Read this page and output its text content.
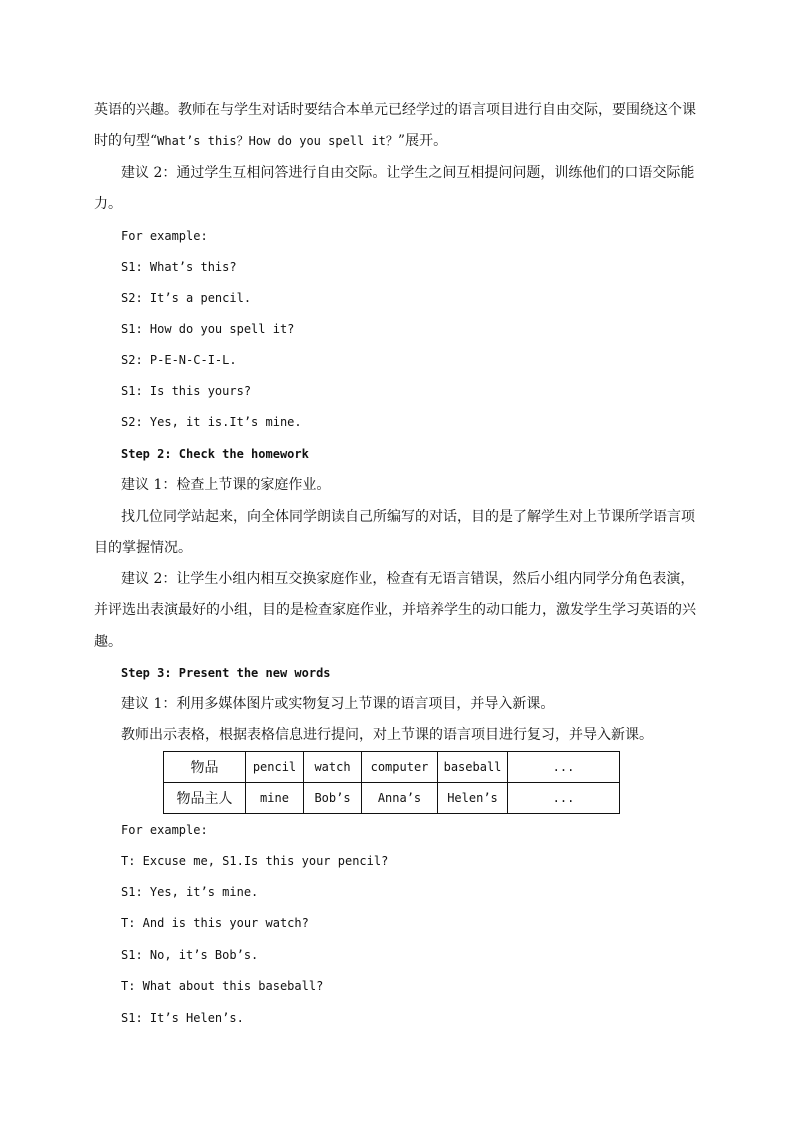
英语的兴趣。教师在与学生对话时要结合本单元已经学过的语言项目进行自由交际，要围绕这个课
时的句型“What’s this？How do you spell it？”展开。
建议 2：通过学生互相问答进行自由交际。让学生之间互相提问问题，训练他们的口语交际能
力。
For example:
S1: What’s this?
S2: It’s a pencil.
S1: How do you spell it?
S2: P-E-N-C-I-L.
S1: Is this yours?
S2: Yes, it is.It’s mine.
Step 2: Check the homework
建议 1：检查上节课的家庭作业。
找几位同学站起来，向全体同学朗读自己所编写的对话，目的是了解学生对上节课所学语言项
目的掌握情况。
建议 2：让学生小组内相互交换家庭作业，检查有无语言错误，然后小组内同学分角色表演，
并评选出表演最好的小组，目的是检查家庭作业，并培养学生的动口能力，激发学生学习英语的兴
趣。
Step 3: Present the new words
建议 1：利用多媒体图片或实物复习上节课的语言项目，并导入新课。
教师出示表格，根据表格信息进行提问，对上节课的语言项目进行复习，并导入新课。
物品	pencil	watch	computer	baseball	...
物品主人	mine	Bob’s	Anna’s	Helen’s	...
For example:
T: Excuse me, S1.Is this your pencil?
S1: Yes, it’s mine.
T: And is this your watch?
S1: No, it’s Bob’s.
T: What about this baseball?
S1: It’s Helen’s.
